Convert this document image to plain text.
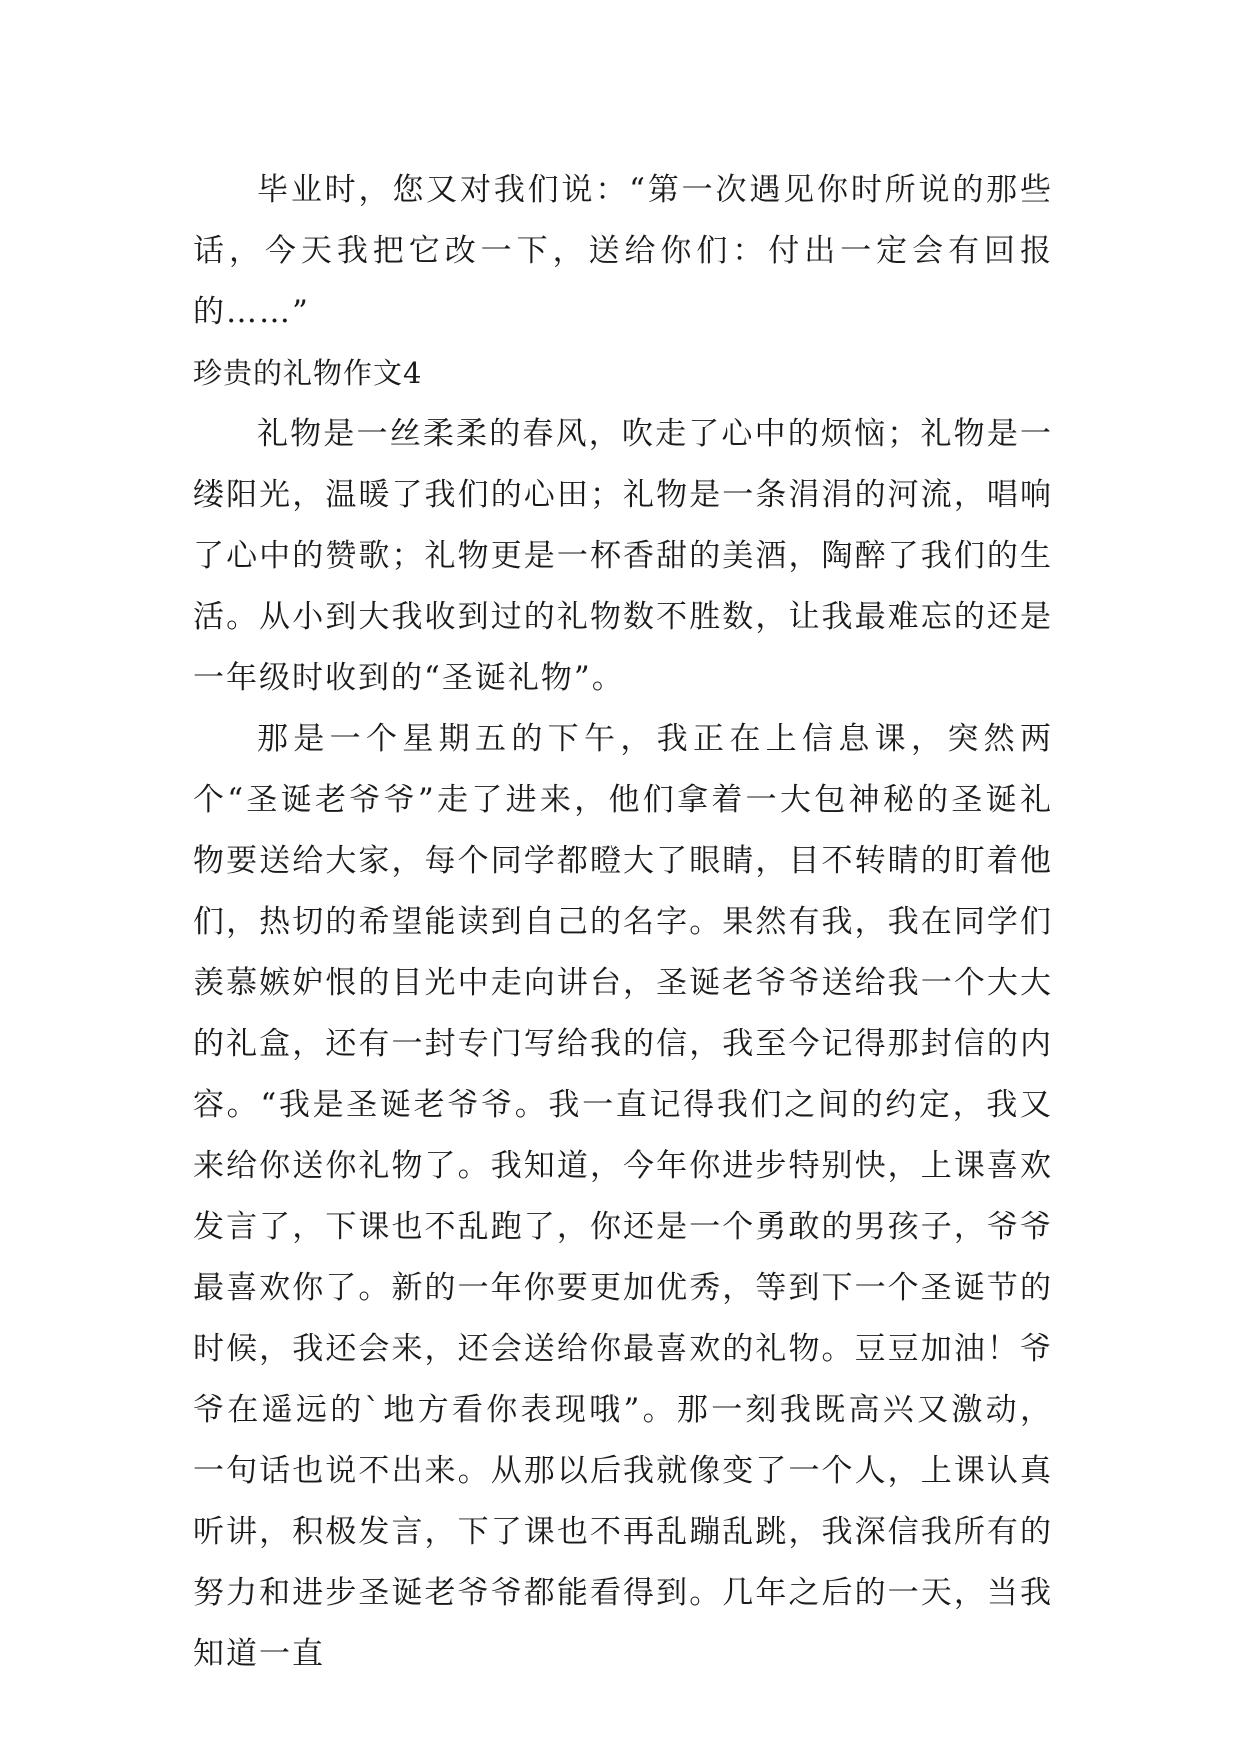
毕业时，您又对我们说：“第一次遇见你时所说的那些话，今天我把它改一下，送给你们：付出一定会有回报的……”

珍贵的礼物作文4

礼物是一丝柔柔的春风，吹走了心中的烦恼；礼物是一缕阳光，温暖了我们的心田；礼物是一条涓涓的河流，唱响了心中的赞歌；礼物更是一杯香甜的美酒，陶醉了我们的生活。从小到大我收到过的礼物数不胜数，让我最难忘的还是一年级时收到的“圣诞礼物”。

那是一个星期五的下午，我正在上信息课，突然两个“圣诞老爷爷”走了进来，他们拿着一大包神秘的圣诞礼物要送给大家，每个同学都瞪大了眼睛，目不转睛的盯着他们，热切的希望能读到自己的名字。果然有我，我在同学们羡慕嫉妒恨的目光中走向讲台，圣诞老爷爷送给我一个大大的礼盒，还有一封专门写给我的信，我至今记得那封信的内容。“我是圣诞老爷爷。我一直记得我们之间的约定，我又来给你送你礼物了。我知道，今年你进步特别快，上课喜欢发言了，下课也不乱跑了，你还是一个勇敢的男孩子，爷爷最喜欢你了。新的一年你要更加优秀，等到下一个圣诞节的时候，我还会来，还会送给你最喜欢的礼物。豆豆加油！爷爷在遥远的`地方看你表现哦”。那一刻我既高兴又激动，一句话也说不出来。从那以后我就像变了一个人，上课认真听讲，积极发言，下了课也不再乱蹦乱跳，我深信我所有的努力和进步圣诞老爷爷都能看得到。几年之后的一天，当我知道一直
